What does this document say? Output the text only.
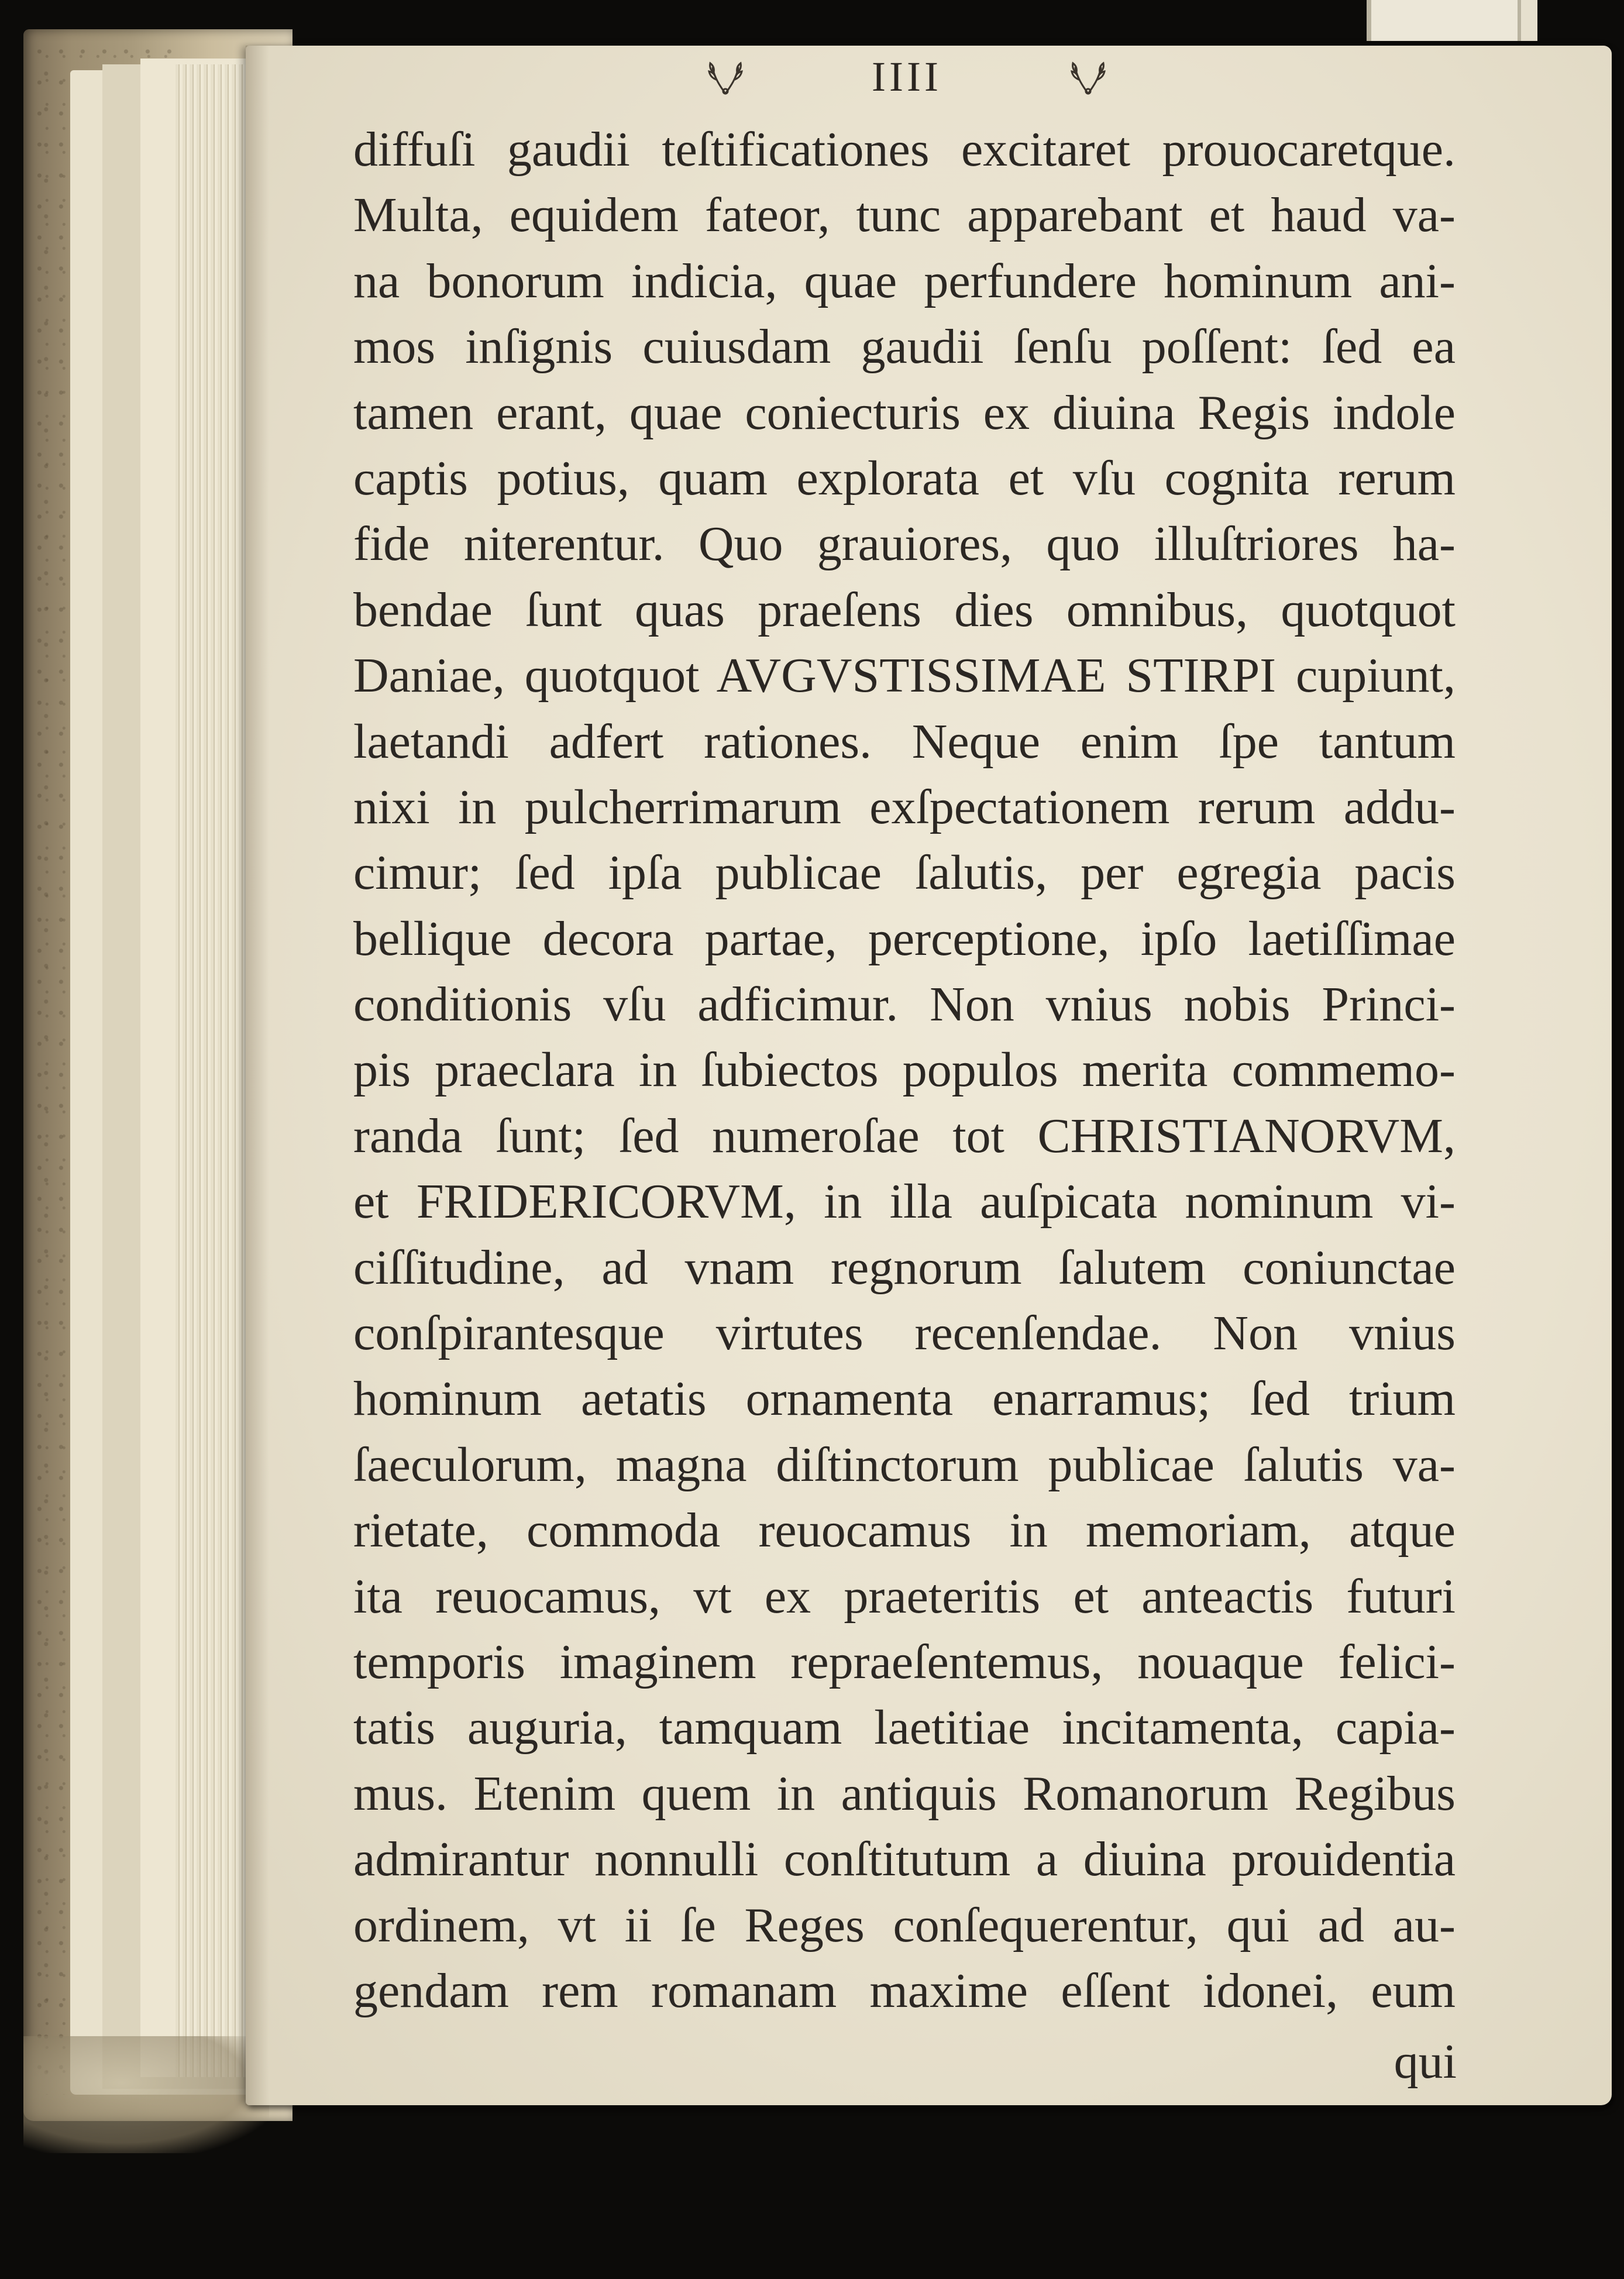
IIII
diffuſi gaudii teſtificationes excitaret prouocaretque.
Multa, equidem fateor, tunc apparebant et haud va-
na bonorum indicia, quae perfundere hominum ani-
mos inſignis cuiusdam gaudii ſenſu poſſent: ſed ea
tamen erant, quae coniecturis ex diuina Regis indole
captis potius, quam explorata et vſu cognita rerum
fide niterentur. Quo grauiores, quo illuſtriores ha-
bendae ſunt quas praeſens dies omnibus, quotquot
Daniae, quotquot AVGVSTISSIMAE STIRPI cupiunt,
laetandi adfert rationes. Neque enim ſpe tantum
nixi in pulcherrimarum exſpectationem rerum addu-
cimur; ſed ipſa publicae ſalutis, per egregia pacis
bellique decora partae, perceptione, ipſo laetiſſimae
conditionis vſu adficimur. Non vnius nobis Princi-
pis praeclara in ſubiectos populos merita commemo-
randa ſunt; ſed numeroſae tot CHRISTIANORVM,
et FRIDERICORVM, in illa auſpicata nominum vi-
ciſſitudine, ad vnam regnorum ſalutem coniunctae
conſpirantesque virtutes recenſendae. Non vnius
hominum aetatis ornamenta enarramus; ſed trium
ſaeculorum, magna diſtinctorum publicae ſalutis va-
rietate, commoda reuocamus in memoriam, atque
ita reuocamus, vt ex praeteritis et anteactis futuri
temporis imaginem repraeſentemus, nouaque felici-
tatis auguria, tamquam laetitiae incitamenta, capia-
mus. Etenim quem in antiquis Romanorum Regibus
admirantur nonnulli conſtitutum a diuina prouidentia
ordinem, vt ii ſe Reges conſequerentur, qui ad au-
gendam rem romanam maxime eſſent idonei, eum
qui
